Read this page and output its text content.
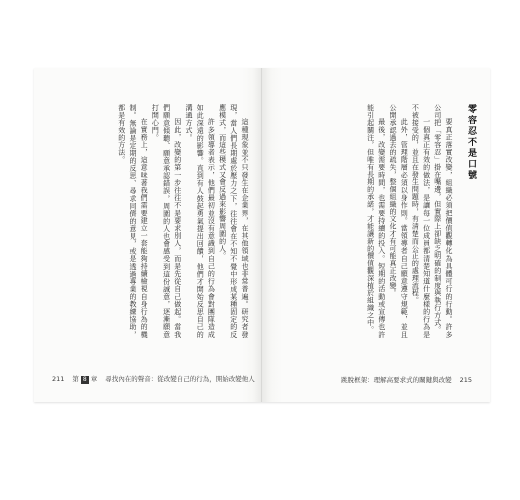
這種現象並不只發生在企業界，在其他領域也非常普遍。研究者發現，當人們長期處於壓力之下，往往會在不知不覺中形成某種固定的反應模式，而這些模式又會反過來影響周圍的人。

許多領導者表示，他們最初並沒有意識到自己的行為會對團隊造成如此深遠的影響。直到有人鼓起勇氣提出回饋，他們才開始反思自己的溝通方式。

因此，改變的第一步往往不是要求別人，而是先從自己做起。當我們願意傾聽、願意承認錯誤，周圍的人也會感受到這份誠意，逐漸願意打開心門。

在實務上，這意味著我們需要建立一套能夠持續檢視自身行為的機制。無論是定期的反思、尋求同儕的意見，或是透過專業的教練協助，都是有效的方法。

211 第 8 章 尋找內在的聲音：從改變自己的行為，開始改變他人
零容忍不是口號

要真正落實改變，組織必須把價值觀轉化為具體可行的行動。許多公司把「零容忍」掛在嘴邊，但實際上卻缺乏明確的制度與執行方式。

一個真正有效的做法，是讓每一位成員都清楚知道什麼樣的行為是不被接受的，並且在發生問題時，有清楚而公正的處理流程。

此外，管理階層必須以身作則。當領導者自己願意遵守規範，並且公開承認過去的疏失，整個組織的文化才有可能真正改變。

最後，改變需要時間，也需要持續的投入。短期的活動或宣傳也許能引起關注，但唯有長期的承諾，才能讓新的價值觀深植於組織之中。

跳脫框架：理解高要求式的關鍵與改變 215
